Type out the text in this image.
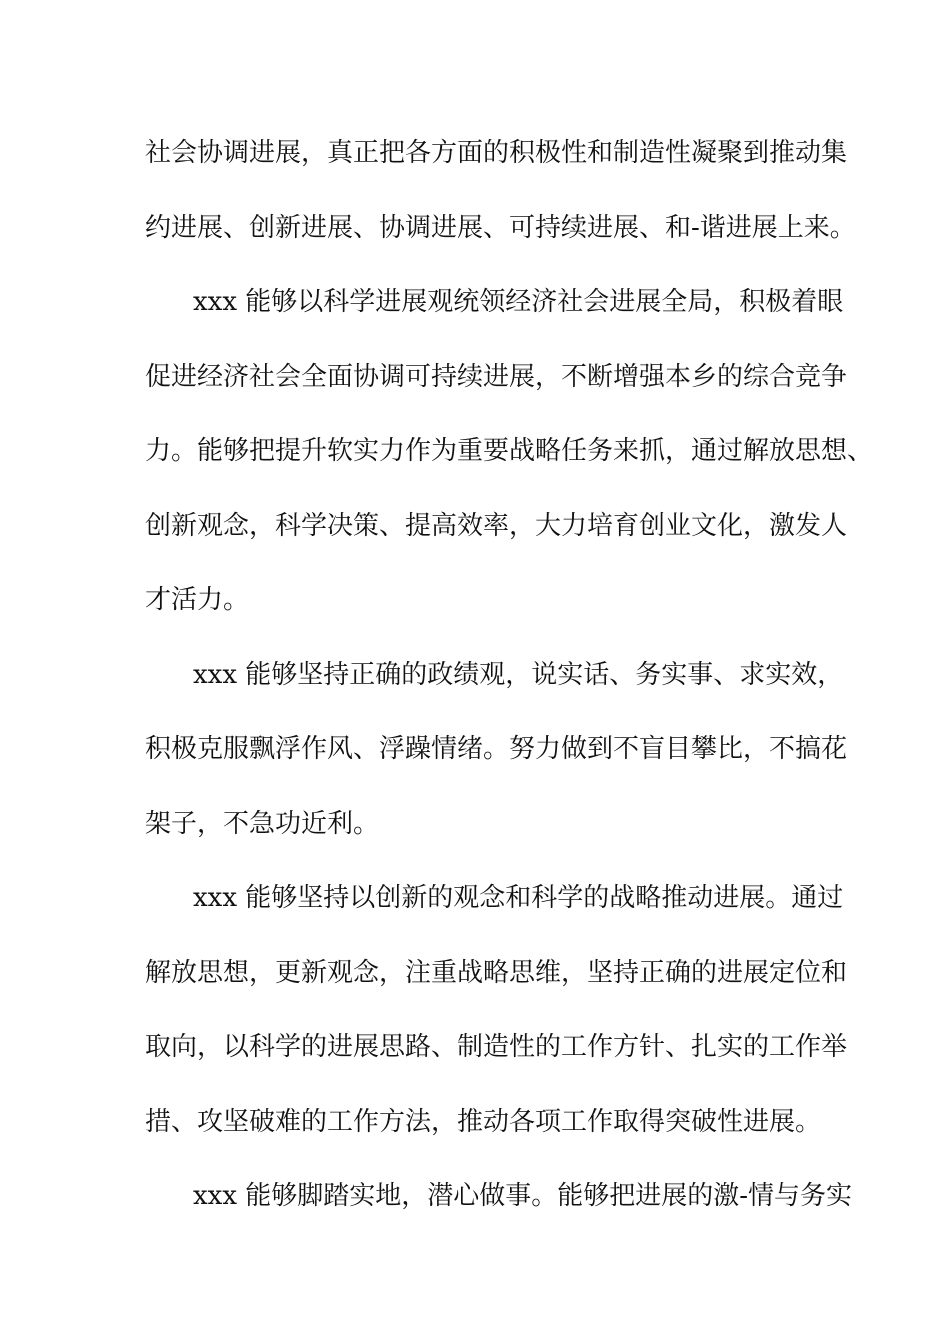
社会协调进展，真正把各方面的积极性和制造性凝聚到推动集
约进展、创新进展、协调进展、可持续进展、和-谐进展上来。
xxx 能够以科学进展观统领经济社会进展全局，积极着眼
促进经济社会全面协调可持续进展，不断增强本乡的综合竞争
力。能够把提升软实力作为重要战略任务来抓，通过解放思想、
创新观念，科学决策、提高效率，大力培育创业文化，激发人
才活力。
xxx 能够坚持正确的政绩观，说实话、务实事、求实效，
积极克服飘浮作风、浮躁情绪。努力做到不盲目攀比，不搞花
架子，不急功近利。
xxx 能够坚持以创新的观念和科学的战略推动进展。通过
解放思想，更新观念，注重战略思维，坚持正确的进展定位和
取向，以科学的进展思路、制造性的工作方针、扎实的工作举
措、攻坚破难的工作方法，推动各项工作取得突破性进展。
xxx 能够脚踏实地，潜心做事。能够把进展的激-情与务实
